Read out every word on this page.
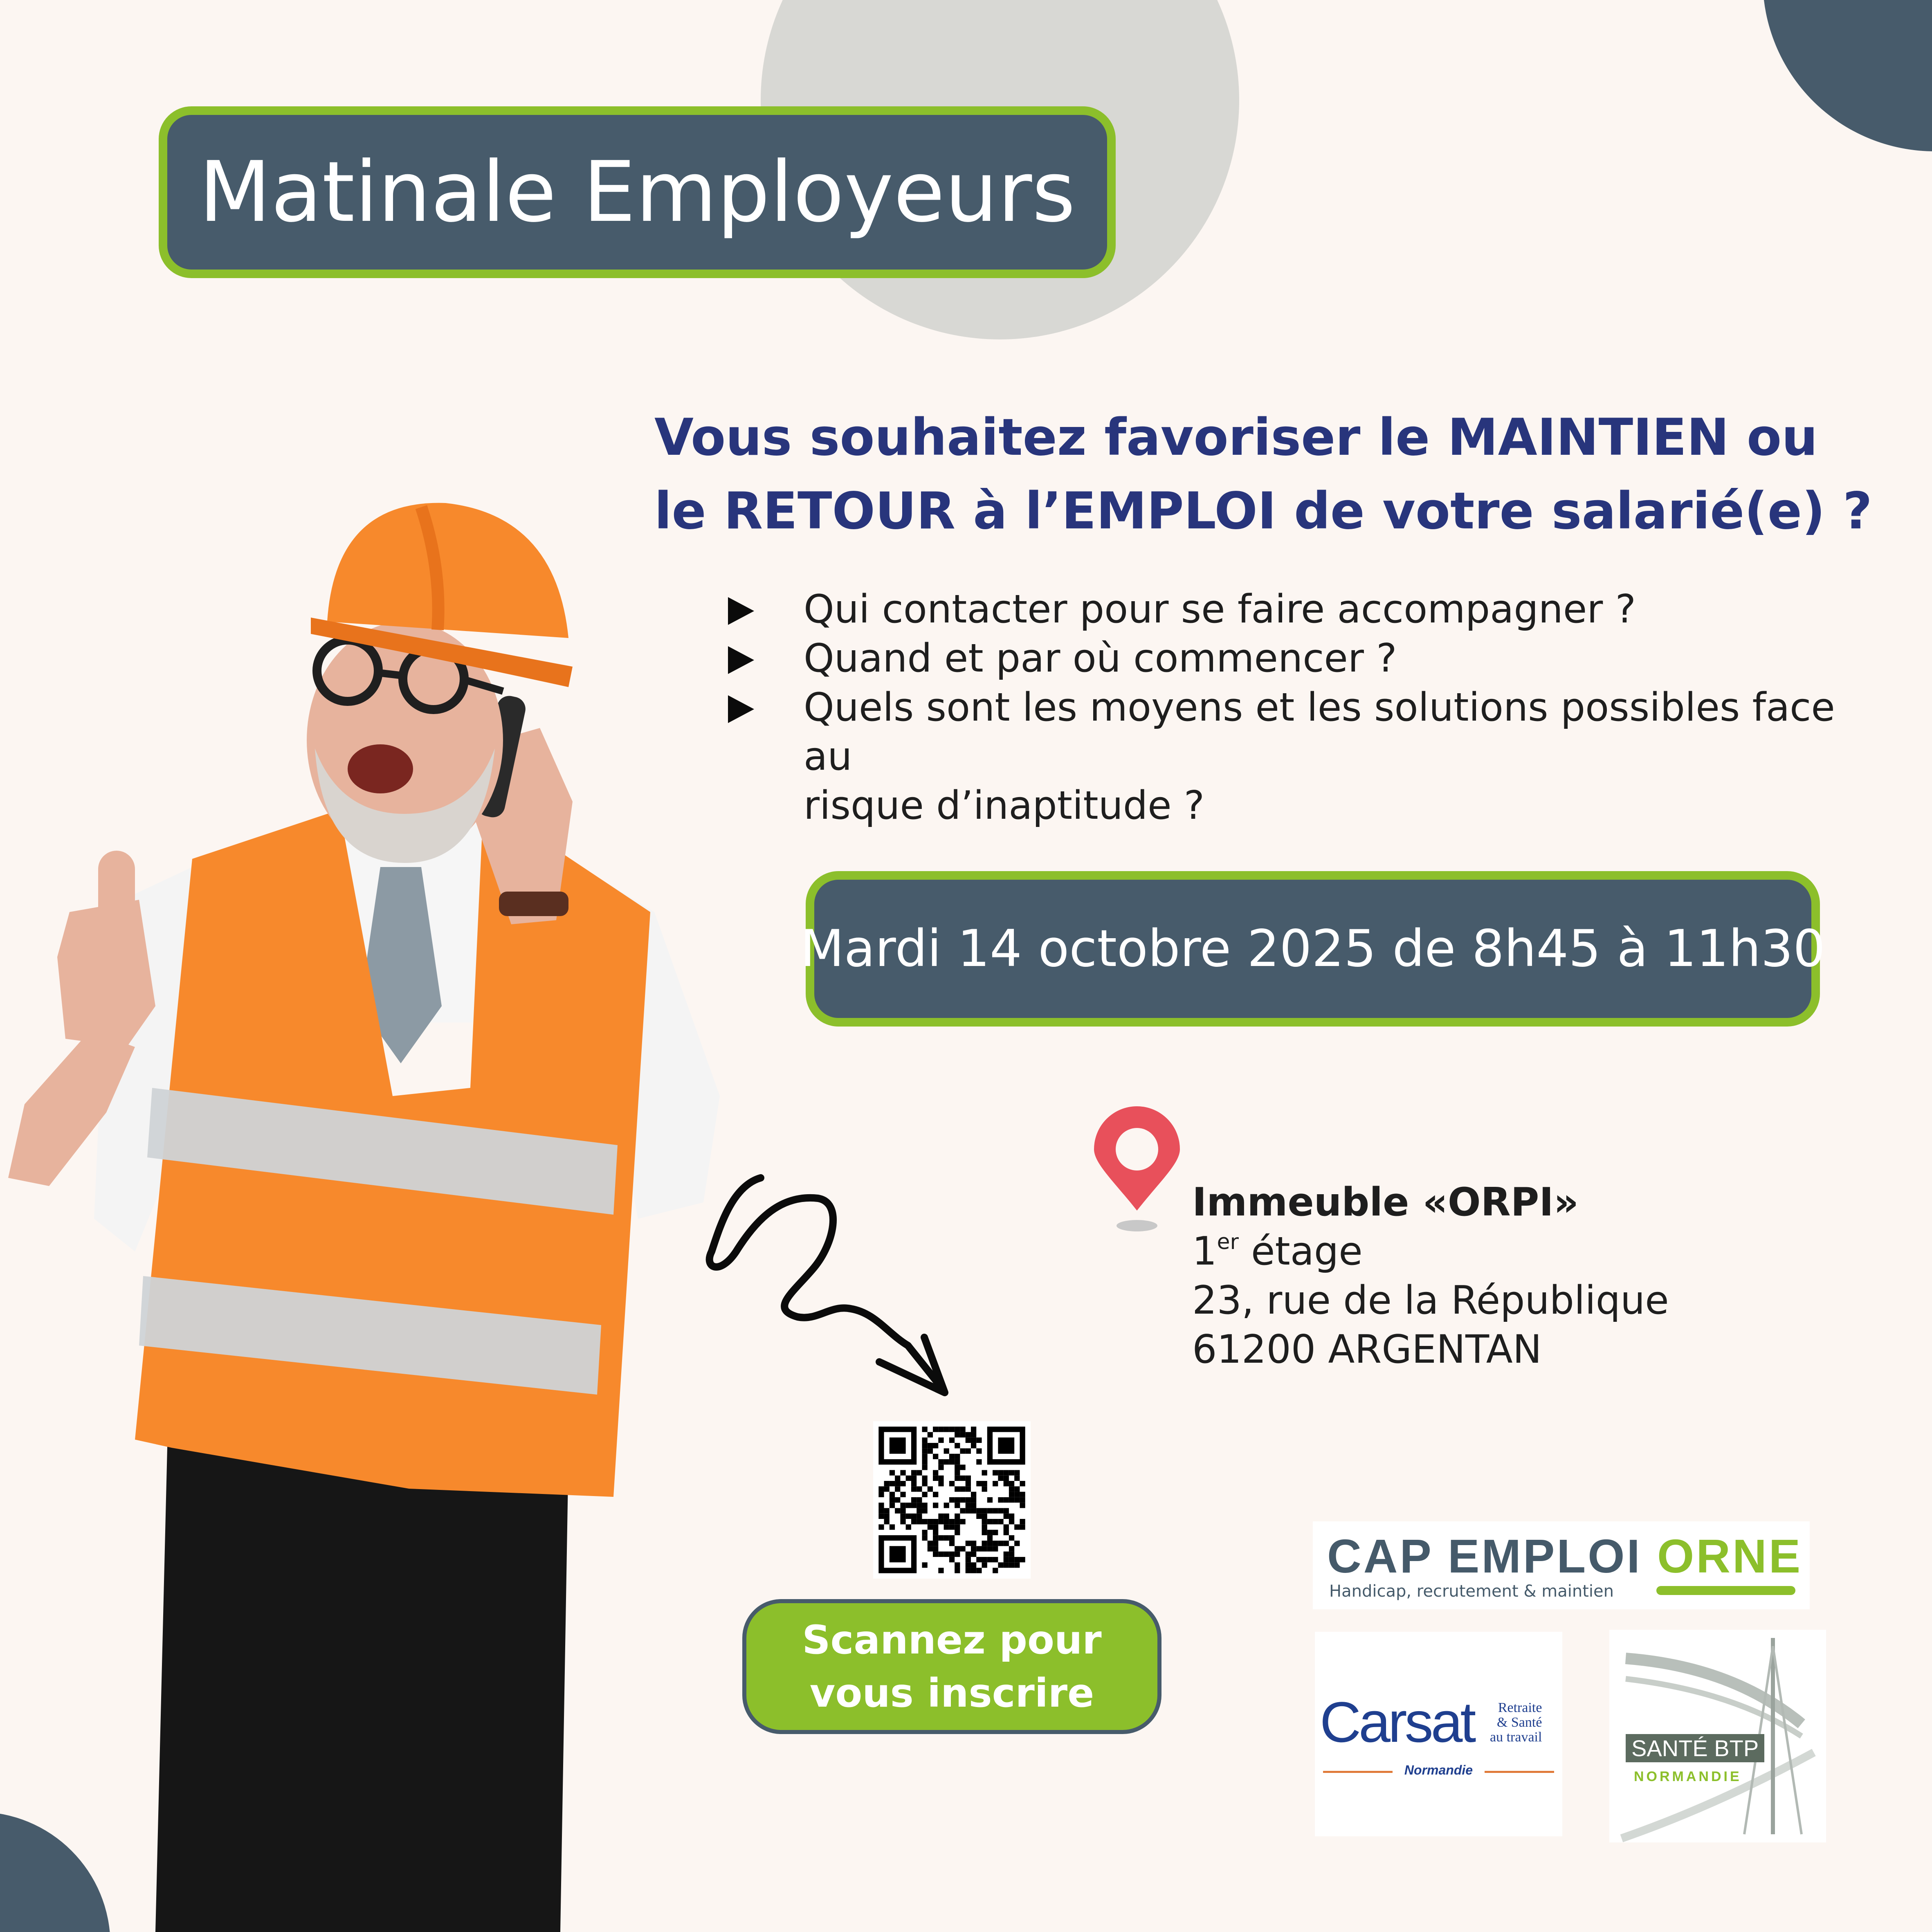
Matinale Employeurs
Vous souhaitez favoriser le MAINTIEN ou
le RETOUR à l’EMPLOI de votre salarié(e) ?
Qui contacter pour se faire accompagner ?
Quand et par où commencer ?
Quels sont les moyens et les solutions possibles face au
risque d’inaptitude ?
Mardi 14 octobre 2025 de 8h45 à 11h30
Immeuble «ORPI»
1er étage
23, rue de la République
61200 ARGENTAN
Scannez pour
vous inscrire
CAP EMPLOI ORNE
Handicap, recrutement & maintien
Carsat	Retraite
& Santé
au travail
Normandie
SANTÉ BTP
NORMANDIE
